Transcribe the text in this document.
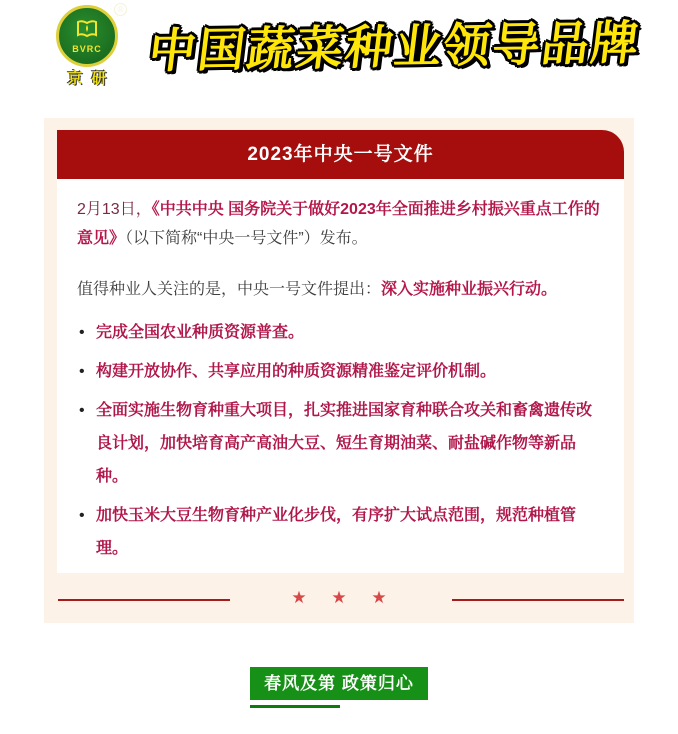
BVRC
®
京研
中国蔬菜种业领导品牌
2023年中央一号文件

2月13日，《中共中央 国务院关于做好2023年全面推进乡村振兴重点工作的意见》（以下简称“中央一号文件”）发布。

值得种业人关注的是，中央一号文件提出：深入实施种业振兴行动。

• 完成全国农业种质资源普查。
• 构建开放协作、共享应用的种质资源精准鉴定评价机制。
• 全面实施生物育种重大项目，扎实推进国家育种联合攻关和畜禽遗传改良计划，加快培育高产高油大豆、短生育期油菜、耐盐碱作物等新品种。
• 加快玉米大豆生物育种产业化步伐，有序扩大试点范围，规范种植管理。
★ ★ ★
春风及第 政策归心
